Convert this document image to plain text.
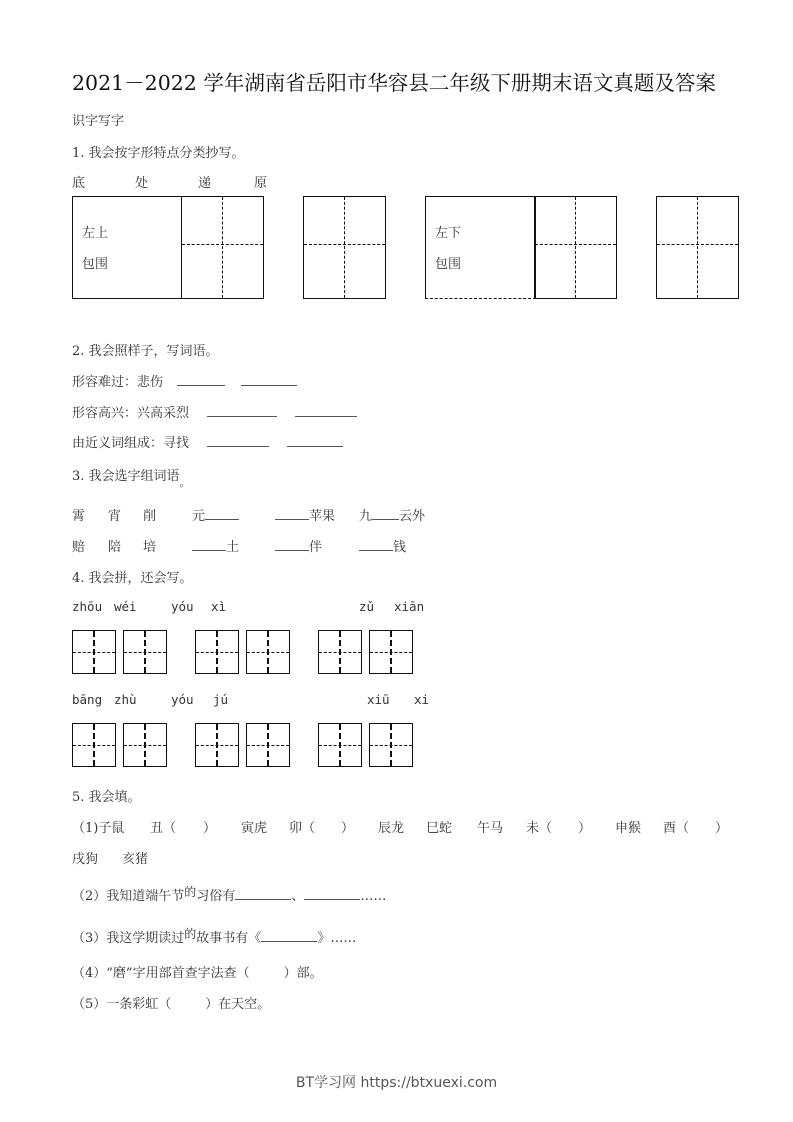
2021－2022 学年湖南省岳阳市华容县二年级下册期末语文真题及答案
识字写字
1. 我会按字形特点分类抄写。
底	处	递	原
左上
包围
左下
包围
2. 我会照样子，写词语。
形容难过：悲伤
形容高兴：兴高采烈
由近义词组成：寻找
3. 我会选字组词语$_。$
霄 宵 削	元	苹果 九 云外
赔 陪 培	土	伴	钱
4. 我会拼，还会写。
zhōu wéi	yóu xì	zǔ xiān
bāng zhù	yóu jú	xiū xi
5. 我会填。
（1)子鼠 丑（ ） 寅虎 卯（ ） 辰龙 巳蛇 午马 未（ ） 申猴 酉（ ）
戌狗 亥猪
（2）我知道端午节$^的$习俗有	、	……
（3）我这学期读过$^的$故事书有《	》……
（4）“磨”字用部首查字法查（	）部。
（5）一条彩虹（	）在天空。
BT学习网 https://btxuexi.com
